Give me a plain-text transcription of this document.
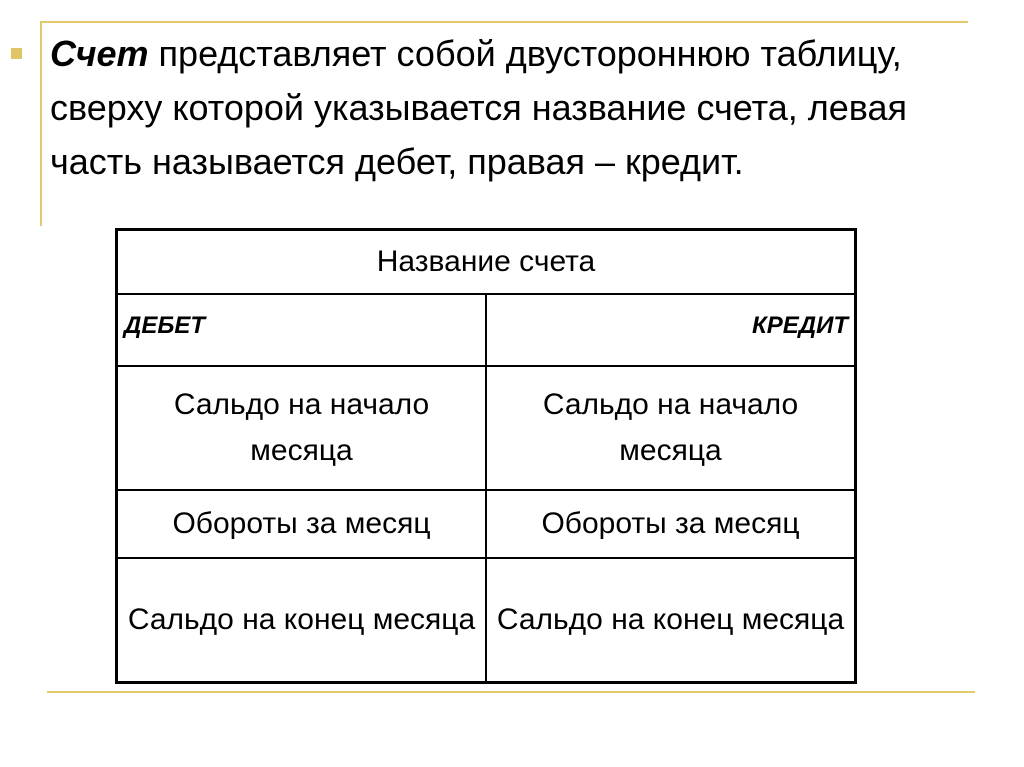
Счет представляет собой двустороннюю таблицу, сверху которой указывается название счета, левая часть называется дебет, правая – кредит.

Название счета	
ДЕБЕТ	КРЕДИТ
Сальдо на начало месяца	Сальдо на начало месяца
Обороты за месяц	Обороты за месяц
Сальдо на конец месяца	Сальдо на конец месяца
